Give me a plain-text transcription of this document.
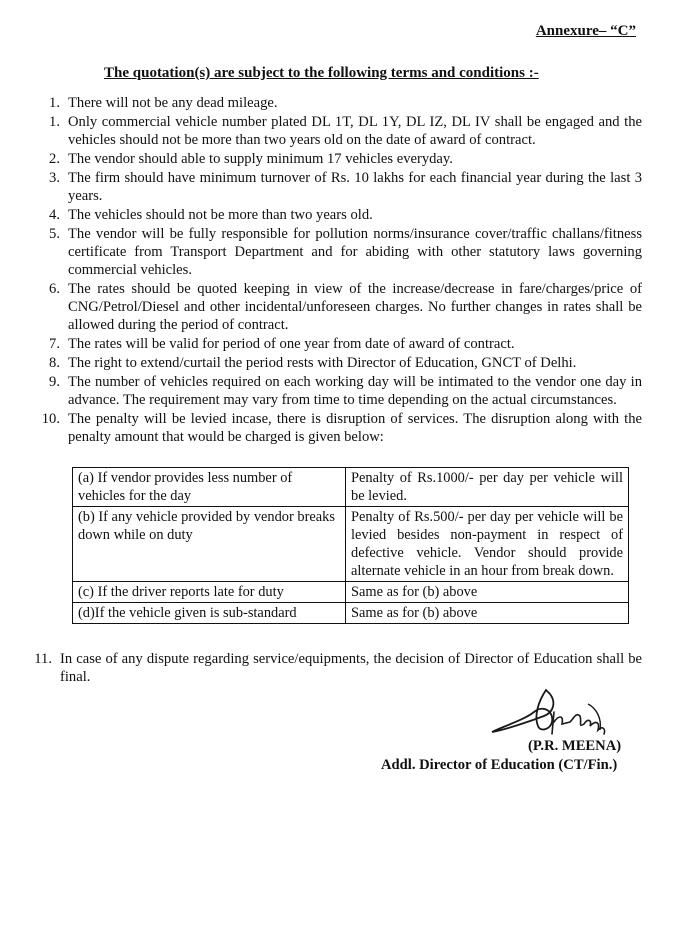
Annexure– “C”
The quotation(s) are subject to the following terms and conditions :-
1. There will not be any dead mileage.
1. Only commercial vehicle number plated DL 1T, DL 1Y, DL IZ, DL IV shall be engaged and the vehicles should not be more than two years old on the date of award of contract.
2. The vendor should able to supply minimum 17 vehicles everyday.
3. The firm should have minimum turnover of Rs. 10 lakhs for each financial year during the last 3 years.
4. The vehicles should not be more than two years old.
5. The vendor will be fully responsible for pollution norms/insurance cover/traffic challans/fitness certificate from Transport Department and for abiding with other statutory laws governing commercial vehicles.
6. The rates should be quoted keeping in view of the increase/decrease in fare/charges/price of CNG/Petrol/Diesel and other incidental/unforeseen charges. No further changes in rates shall be allowed during the period of contract.
7. The rates will be valid for period of one year from date of award of contract.
8. The right to extend/curtail the period rests with Director of Education, GNCT of Delhi.
9. The number of vehicles required on each working day will be intimated to the vendor one day in advance. The requirement may vary from time to time depending on the actual circumstances.
10. The penalty will be levied incase, there is disruption of services. The disruption along with the penalty amount that would be charged is given below:
(a) If vendor provides less number of vehicles for the day	Penalty of Rs.1000/- per day per vehicle will be levied.
(b) If any vehicle provided by vendor breaks down while on duty	Penalty of Rs.500/- per day per vehicle will be levied besides non-payment in respect of defective vehicle. Vendor should provide alternate vehicle in an hour from break down.
(c) If the driver reports late for duty	Same as for (b) above
(d)If the vehicle given is sub-standard	Same as for (b) above
11. In case of any dispute regarding service/equipments, the decision of Director of Education shall be final.
(P.R. MEENA)
Addl. Director of Education (CT/Fin.)
